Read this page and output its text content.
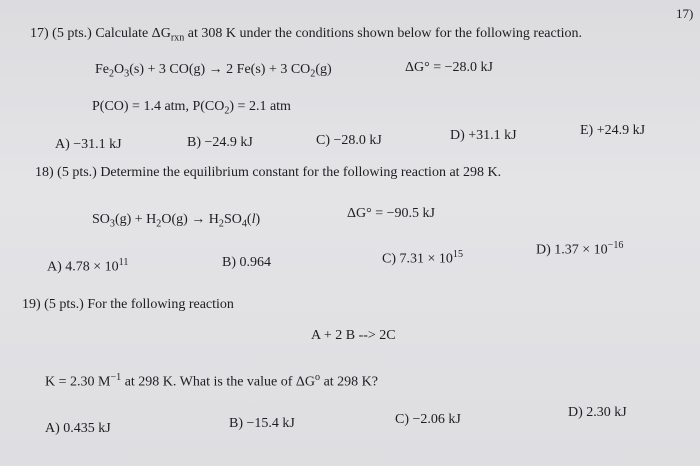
17)
17) (5 pts.) Calculate $\Delta G_{rxn}$ at 308 K under the conditions shown below for the following reaction.
$Fe_2O_3(s) + 3$ CO(g) → 2 Fe(s) + 3 $CO_2(g)$	ΔG° = −28.0 kJ
P(CO) = 1.4 atm, $P(CO_2) = 2.1$ atm
A) −31.1 kJ	B) −24.9 kJ	C) −28.0 kJ	D) +31.1 kJ	E) +24.9 kJ
18) (5 pts.) Determine the equilibrium constant for the following reaction at 298 K.
$SO_3(g) + H_2O(g) \to H_2SO_4(l)$	ΔG° = −90.5 kJ
A) $4.78 \times 10^{11}$	B) 0.964	C) $7.31 \times 10^{15}$	D) $1.37 \times 10^{-16}$
19) (5 pts.) For the following reaction
A + 2 B --> 2C
K = 2.30 $M^{-1}$ at 298 K. What is the value of $\Delta G^o$ at 298 K?
A) 0.435 kJ	B) −15.4 kJ	C) −2.06 kJ	D) 2.30 kJ
